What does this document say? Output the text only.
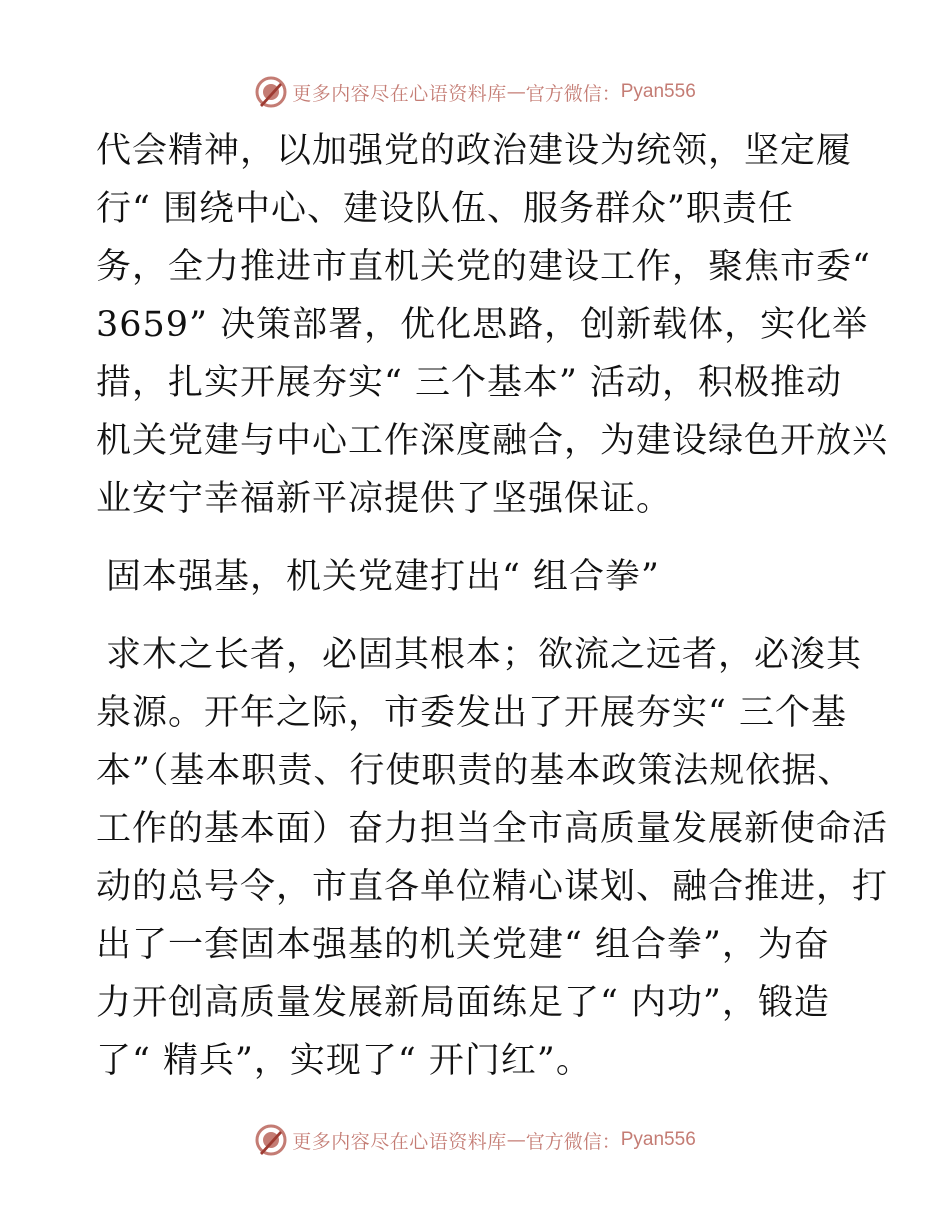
更多内容尽在心语资料库 — 官方微信： Pyan556
代会精神，以加强党的政治建设为统领，坚定履
行“ 围绕中心、建设队伍、服务群众”职责任
务，全力推进市直机关党的建设工作，聚焦市委“
3659” 决策部署，优化思路，创新载体，实化举
措，扎实开展夯实“ 三个基本” 活动，积极推动
机关党建与中心工作深度融合，为建设绿色开放兴
业安宁幸福新平凉提供了坚强保证。
固本强基，机关党建打出“ 组合拳”
求木之长者，必固其根本；欲流之远者，必浚其
泉源。开年之际，市委发出了开展夯实“ 三个基
本”（基本职责、行使职责的基本政策法规依据、
工作的基本面）奋力担当全市高质量发展新使命活
动的总号令，市直各单位精心谋划、融合推进，打
出了一套固本强基的机关党建“ 组合拳”，为奋
力开创高质量发展新局面练足了“ 内功”，锻造
了“ 精兵”，实现了“ 开门红”。
更多内容尽在心语资料库 — 官方微信： Pyan556
